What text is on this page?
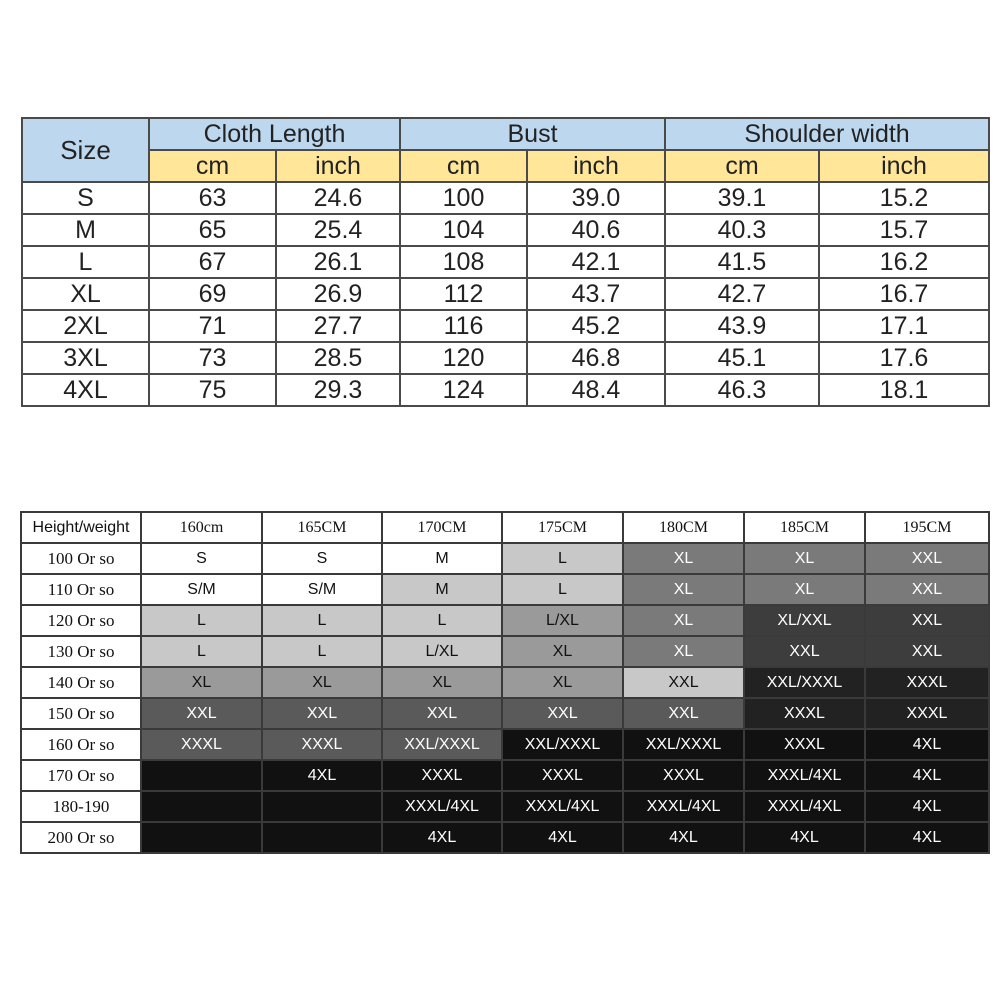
Size	Cloth Length		Bust		Shoulder width	
	cm	inch	cm	inch	cm	inch
S	63	24.6	100	39.0	39.1	15.2
M	65	25.4	104	40.6	40.3	15.7
L	67	26.1	108	42.1	41.5	16.2
XL	69	26.9	112	43.7	42.7	16.7
2XL	71	27.7	116	45.2	43.9	17.1
3XL	73	28.5	120	46.8	45.1	17.6
4XL	75	29.3	124	48.4	46.3	18.1
Height/weight	160cm	165CM	170CM	175CM	180CM	185CM	195CM
100 Or so	S	S	M	L	XL	XL	XXL
110 Or so	S/M	S/M	M	L	XL	XL	XXL
120 Or so	L	L	L	L/XL	XL	XL/XXL	XXL
130 Or so	L	L	L/XL	XL	XL	XXL	XXL
140 Or so	XL	XL	XL	XL	XXL	XXL/XXXL	XXXL
150 Or so	XXL	XXL	XXL	XXL	XXL	XXXL	XXXL
160 Or so	XXXL	XXXL	XXL/XXXL	XXL/XXXL	XXL/XXXL	XXXL	4XL
170 Or so		4XL	XXXL	XXXL	XXXL	XXXL/4XL	4XL
180-190			XXXL/4XL	XXXL/4XL	XXXL/4XL	XXXL/4XL	4XL
200 Or so			4XL	4XL	4XL	4XL	4XL
